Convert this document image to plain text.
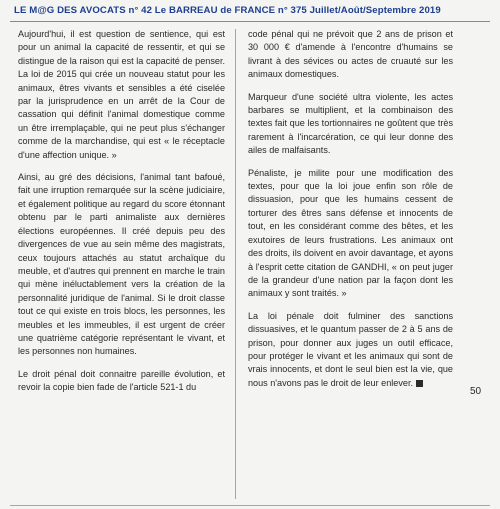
LE M@G DES AVOCATS n° 42 Le BARREAU de FRANCE n° 375 Juillet/Août/Septembre 2019

Aujourd'hui, il est question de sentience, qui est pour un animal la capacité de ressentir, et qui se distingue de la raison qui est la capacité de penser. La loi de 2015 qui crée un nouveau statut pour les animaux, êtres vivants et sensibles a été ciselée par la jurisprudence en un arrêt de la Cour de cassation qui définit l'animal domestique comme un être irremplaçable, qui ne peut plus s'échanger comme de la marchandise, qui est « le réceptacle d'une affection unique. »

Ainsi, au gré des décisions, l'animal tant bafoué, fait une irruption remarquée sur la scène judiciaire, et également politique au regard du score étonnant obtenu par le parti animaliste aux dernières élections européennes. Il créé depuis peu des divergences de vue au sein même des magistrats, ceux toujours attachés au statut archaïque du meuble, et d'autres qui prennent en marche le train qui mène inéluctablement vers la création de la personnalité juridique de l'animal. Si le droit classe tout ce qui existe en trois blocs, les personnes, les meubles et les immeubles, il est urgent de créer une quatrième catégorie représentant le vivant, et les personnes non humaines.

Le droit pénal doit connaitre pareille évolution, et revoir la copie bien fade de l'article 521-1 du

code pénal qui ne prévoit que 2 ans de prison et 30 000 € d'amende à l'encontre d'humains se livrant à des sévices ou actes de cruauté sur les animaux domestiques.

Marqueur d'une société ultra violente, les actes barbares se multiplient, et la combinaison des textes fait que les tortionnaires ne goûtent que très rarement à l'incarcération, ce qui leur donne des ailes de malfaisants.

Pénaliste, je milite pour une modification des textes, pour que la loi joue enfin son rôle de dissuasion, pour que les humains cessent de torturer des êtres sans défense et innocents de tout, en les considérant comme des bêtes, et les exutoires de leurs frustrations. Les animaux ont des droits, ils doivent en avoir davantage, et ayons à l'esprit cette citation de GANDHI, « on peut juger de la grandeur d'une nation par la façon dont les animaux y sont traités. »

La loi pénale doit fulminer des sanctions dissuasives, et le quantum passer de 2 à 5 ans de prison, pour donner aux juges un outil efficace, pour protéger le vivant et les animaux qui sont de vrais innocents, et dont le seul bien est la vie, que nous n'avons pas le droit de leur enlever.

50
